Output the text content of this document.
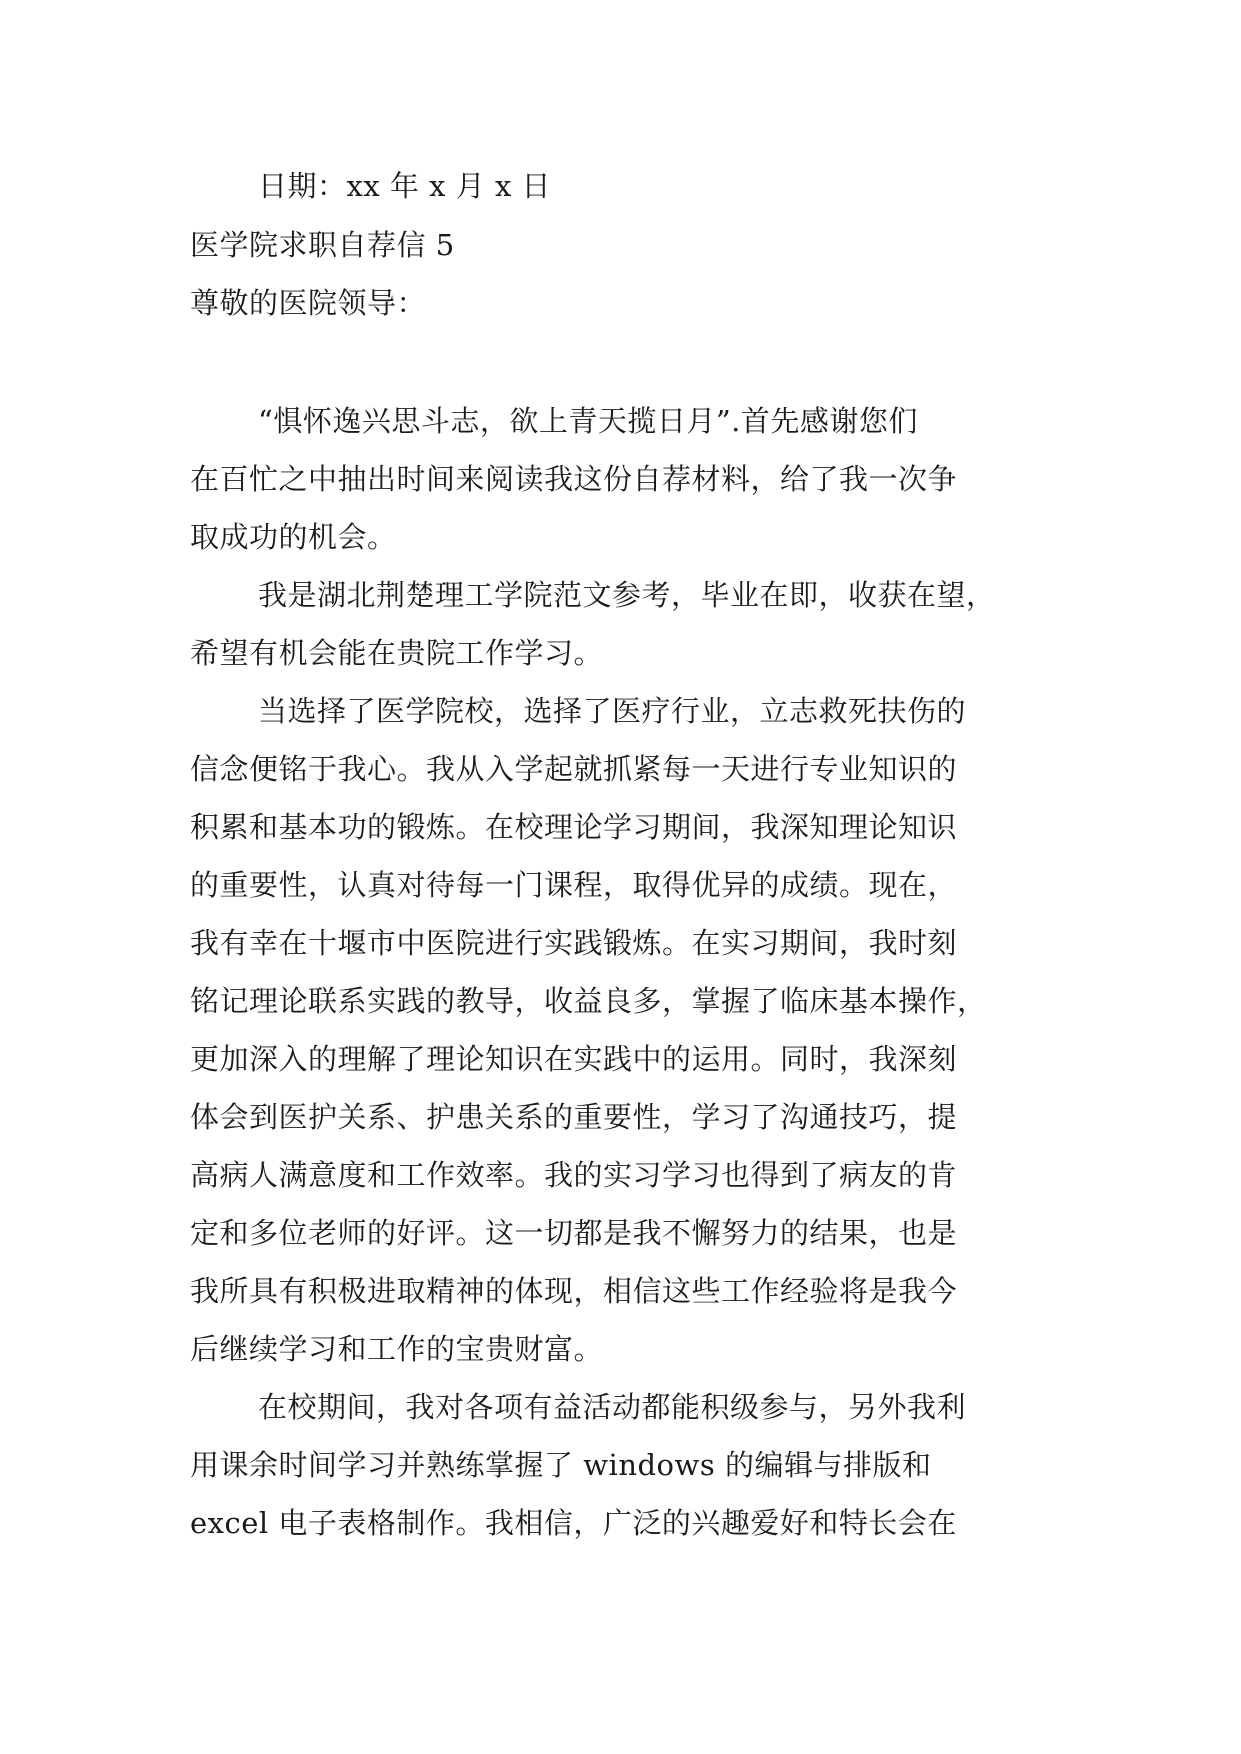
日期：xx 年 x 月 x 日

医学院求职自荐信 5

尊敬的医院领导：

“惧怀逸兴思斗志，欲上青天揽日月”.首先感谢您们

在百忙之中抽出时间来阅读我这份自荐材料，给了我一次争

取成功的机会。

我是湖北荆楚理工学院范文参考，毕业在即，收获在望，

希望有机会能在贵院工作学习。

当选择了医学院校，选择了医疗行业，立志救死扶伤的

信念便铭于我心。我从入学起就抓紧每一天进行专业知识的

积累和基本功的锻炼。在校理论学习期间，我深知理论知识

的重要性，认真对待每一门课程，取得优异的成绩。现在，

我有幸在十堰市中医院进行实践锻炼。在实习期间，我时刻

铭记理论联系实践的教导，收益良多，掌握了临床基本操作，

更加深入的理解了理论知识在实践中的运用。同时，我深刻

体会到医护关系、护患关系的重要性，学习了沟通技巧，提

高病人满意度和工作效率。我的实习学习也得到了病友的肯

定和多位老师的好评。这一切都是我不懈努力的结果，也是

我所具有积极进取精神的体现，相信这些工作经验将是我今

后继续学习和工作的宝贵财富。

在校期间，我对各项有益活动都能积级参与，另外我利

用课余时间学习并熟练掌握了 windows 的编辑与排版和

excel 电子表格制作。我相信，广泛的兴趣爱好和特长会在
